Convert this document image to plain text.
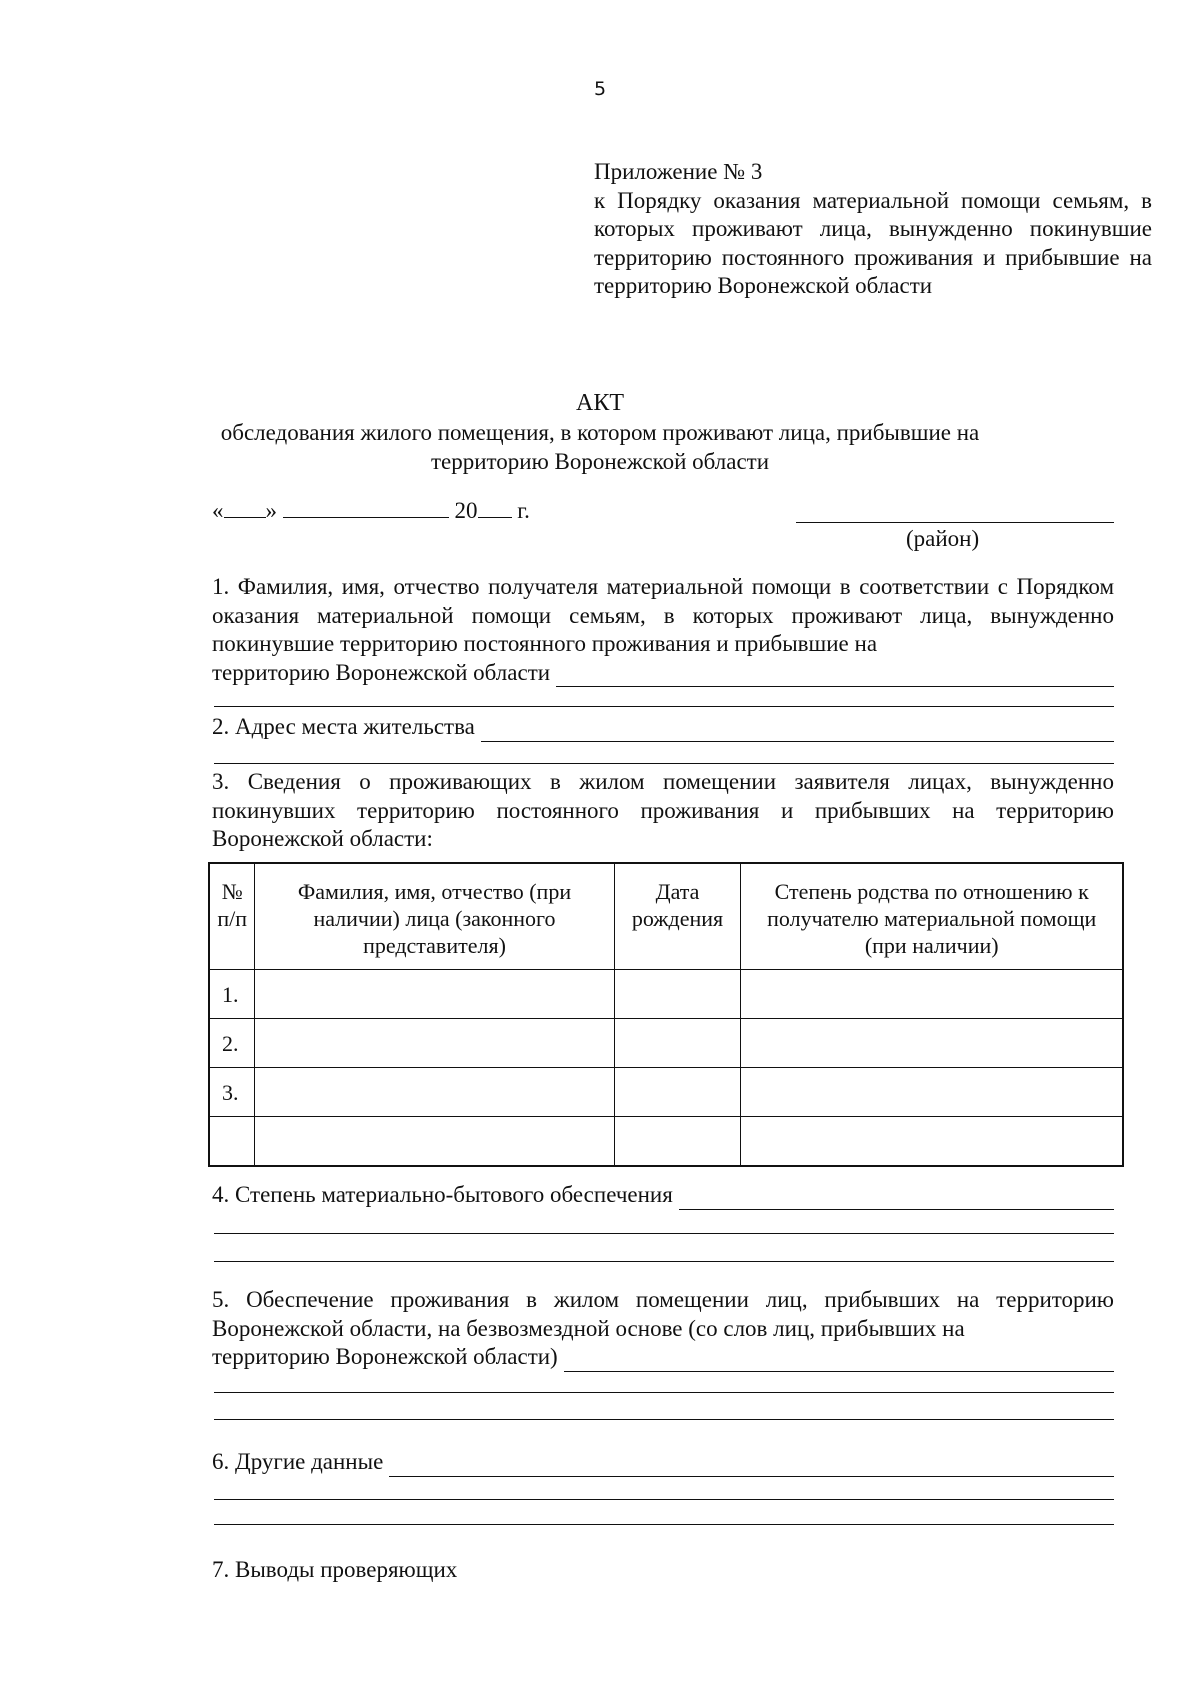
5
Приложение № 3
к Порядку оказания материальной помощи семьям, в которых проживают лица, вынужденно покинувшие территорию постоянного проживания и прибывшие на территорию Воронежской области
АКТ
обследования жилого помещения, в котором проживают лица, прибывшие на территорию Воронежской области
« »	20 г.
(район)
1. Фамилия, имя, отчество получателя материальной помощи в соответствии с Порядком оказания материальной помощи семьям, в которых проживают лица, вынужденно покинувшие территорию постоянного проживания и прибывшие на
территорию Воронежской области
2. Адрес места жительства
3. Сведения о проживающих в жилом помещении заявителя лицах, вынужденно покинувших территорию постоянного проживания и прибывших на территорию Воронежской области:
№ п/п	Фамилия, имя, отчество (при наличии) лица (законного представителя)	Дата рождения	Степень родства по отношению к получателю материальной помощи (при наличии)
1.			
2.			
3.			

4. Степень материально-бытового обеспечения
5. Обеспечение проживания в жилом помещении лиц, прибывших на территорию Воронежской области, на безвозмездной основе (со слов лиц, прибывших на
территорию Воронежской области)
6. Другие данные
7. Выводы проверяющих
